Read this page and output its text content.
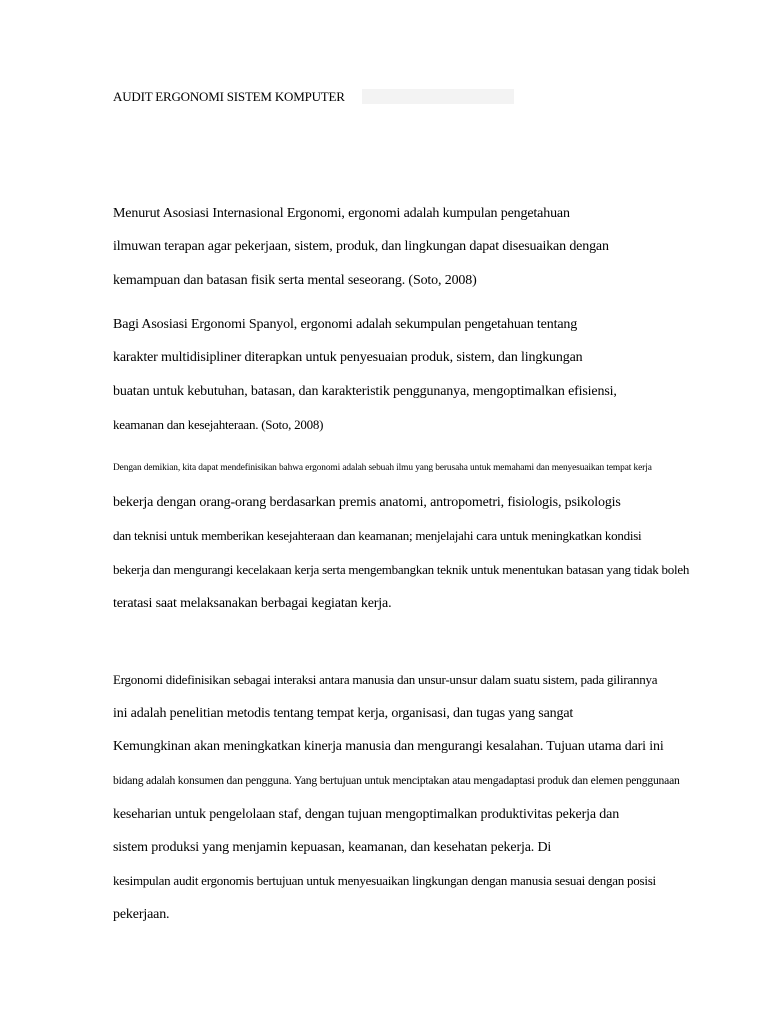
AUDIT ERGONOMI SISTEM KOMPUTER
Menurut Asosiasi Internasional Ergonomi, ergonomi adalah kumpulan pengetahuan
ilmuwan terapan agar pekerjaan, sistem, produk, dan lingkungan dapat disesuaikan dengan
kemampuan dan batasan fisik serta mental seseorang. (Soto, 2008)
Bagi Asosiasi Ergonomi Spanyol, ergonomi adalah sekumpulan pengetahuan tentang
karakter multidisipliner diterapkan untuk penyesuaian produk, sistem, dan lingkungan
buatan untuk kebutuhan, batasan, dan karakteristik penggunanya, mengoptimalkan efisiensi,
keamanan dan kesejahteraan. (Soto, 2008)
Dengan demikian, kita dapat mendefinisikan bahwa ergonomi adalah sebuah ilmu yang berusaha untuk memahami dan menyesuaikan tempat kerja
bekerja dengan orang-orang berdasarkan premis anatomi, antropometri, fisiologis, psikologis
dan teknisi untuk memberikan kesejahteraan dan keamanan; menjelajahi cara untuk meningkatkan kondisi
bekerja dan mengurangi kecelakaan kerja serta mengembangkan teknik untuk menentukan batasan yang tidak boleh
teratasi saat melaksanakan berbagai kegiatan kerja.
Ergonomi didefinisikan sebagai interaksi antara manusia dan unsur-unsur dalam suatu sistem, pada gilirannya
ini adalah penelitian metodis tentang tempat kerja, organisasi, dan tugas yang sangat
Kemungkinan akan meningkatkan kinerja manusia dan mengurangi kesalahan. Tujuan utama dari ini
bidang adalah konsumen dan pengguna. Yang bertujuan untuk menciptakan atau mengadaptasi produk dan elemen penggunaan
keseharian untuk pengelolaan staf, dengan tujuan mengoptimalkan produktivitas pekerja dan
sistem produksi yang menjamin kepuasan, keamanan, dan kesehatan pekerja. Di
kesimpulan audit ergonomis bertujuan untuk menyesuaikan lingkungan dengan manusia sesuai dengan posisi
pekerjaan.
